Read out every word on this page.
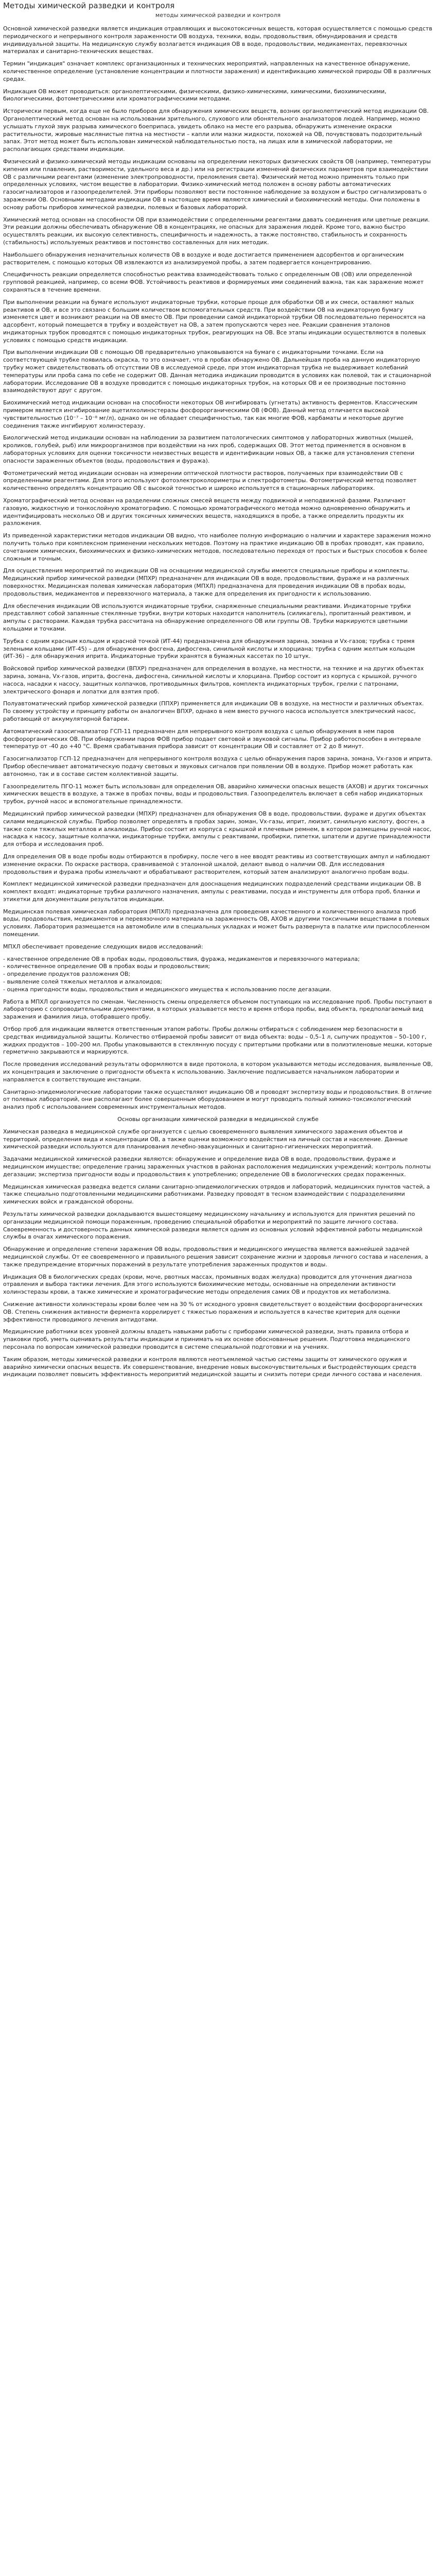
Методы химической разведки и контроля
методы химической разведки и контроля

Основной химической разведки является индикация отравляющих и высокотоксичных веществ, которая осуществляется с помощью средств периодического и непрерывного контроля зараженности ОВ воздуха, техники, воды, продовольствия, обмундирования и средств индивидуальной защиты. На медицинскую службу возлагается индикация ОВ в воде, продовольствии, медикаментах, перевязочных материалах и санитарно-технических веществах.

Термин "индикация" означает комплекс организационных и технических мероприятий, направленных на качественное обнаружение, количественное определение (установление концентрации и плотности заражения) и идентификацию химической природы ОВ в различных средах.

Индикация ОВ может проводиться: органолептическими, физическими, физико-химическими, химическими, биохимическими, биологическими, фотометрическими или хроматографическими методами.

Исторически первым, когда еще не было приборов для обнаружения химических веществ, возник органолептический метод индикации ОВ. Органолептический метод основан на использовании зрительного, слухового или обонятельного анализаторов людей. Например, можно услышать глухой звук разрыва химического боеприпаса, увидеть облако на месте его разрыва, обнаружить изменение окраски растительности, жировые маслянистые пятна на местности – капли или мазки жидкости, похожей на ОВ, почувствовать подозрительный запах. Этот метод может быть использован химической наблюдательностью поста, на лицах или в химической лаборатории, не располагающих средствами индикации.

Физический и физико-химический методы индикации основаны на определении некоторых физических свойств ОВ (например, температуры кипения или плавления, растворимости, удельного веса и др.) или на регистрации изменений физических параметров при взаимодействии ОВ с различными реагентами (изменение электропроводности, преломления света). Физический метод можно применять только при определенных условиях, чистом веществе в лаборатории. Физико-химический метод положен в основу работы автоматических газосигнализаторов и газоопределителей. Эти приборы позволяют вести постоянное наблюдение за воздухом и быстро сигнализировать о заражении ОВ. Основными методами индикации ОВ в настоящее время являются химический и биохимический методы. Они положены в основу работы приборов химической разведки, полевых и базовых лабораторий.

Химический метод основан на способности ОВ при взаимодействии с определенными реагентами давать соединения или цветные реакции. Эти реакции должны обеспечивать обнаружение ОВ в концентрациях, не опасных для заражения людей. Кроме того, важно быстро осуществлять реакции, их высокую селективность, специфичность и надежность, а также постоянство, стабильность и сохранность (стабильность) используемых реактивов и постоянство составленных для них методик.

Наибольшего обнаружения незначительных количеств ОВ в воздухе и воде достигается применением адсорбентов и органическим растворителем, с помощью которых ОВ извлекаются из анализируемой пробы, а затем подвергается концентрированию.

Специфичность реакции определяется способностью реактива взаимодействовать только с определенным ОВ (ОВ) или определенной групповой реакцией, например, со всеми ФОВ. Устойчивость реактивов и формируемых ими соединений важна, так как заражение может сохраняться в течение времени.

При выполнении реакции на бумаге используют индикаторные трубки, которые проще для обработки ОВ и их смеси, оставляют малых реактивов и ОВ, и все это связано с большим количеством вспомогательных средств. При воздействии ОВ на индикаторную бумагу изменяется цвет и возникают реакции на ОВ вместо ОВ. При проведении самой индикаторной трубки ОВ последовательно переносятся на адсорбент, который помещается в трубку и воздействует на ОВ, а затем пропускаются через нее. Реакции сравнения эталонов индикаторных трубок проводятся с помощью индикаторных трубок, реагирующих на ОВ. Все этапы индикации осуществляются в полевых условиях с помощью средств индикации.

При выполнении индикации ОВ с помощью ОВ предварительно упаковываются на бумаге с индикаторными точками. Если на соответствующей трубке появилась окраска, то это означает, что в пробах обнаружено ОВ. Дальнейшая проба на данную индикаторную трубку может свидетельствовать об отсутствии ОВ в исследуемой среде, при этом индикаторная трубка не выдерживает колебаний температуры или проба сама по себе не содержит ОВ. Данная методика индикации проводится в условиях как полевой, так и стационарной лаборатории. Исследование ОВ в воздухе проводится с помощью индикаторных трубок, на которых ОВ и ее производные постоянно взаимодействуют друг с другом.

Биохимический метод индикации основан на способности некоторых ОВ ингибировать (угнетать) активность ферментов. Классическим примером является ингибирование ацетилхолинэстеразы фосфорорганическими ОВ (ФОВ). Данный метод отличается высокой чувствительностью (10⁻⁷ – 10⁻⁸ мг/л), однако он не обладает специфичностью, так как многие ФОВ, карбаматы и некоторые другие соединения также ингибируют холинэстеразу.

Биологический метод индикации основан на наблюдении за развитием патологических симптомов у лабораторных животных (мышей, кроликов, голубей, рыб) или микроорганизмов при воздействии на них проб, содержащих ОВ. Этот метод применяется в основном в лабораторных условиях для оценки токсичности неизвестных веществ и идентификации новых ОВ, а также для установления степени опасности зараженных объектов (воды, продовольствия и фуража).

Фотометрический метод индикации основан на измерении оптической плотности растворов, получаемых при взаимодействии ОВ с определенными реагентами. Для этого используют фотоэлектроколориметры и спектрофотометры. Фотометрический метод позволяет количественно определять концентрацию ОВ с высокой точностью и широко используется в стационарных лабораториях.

Хроматографический метод основан на разделении сложных смесей веществ между подвижной и неподвижной фазами. Различают газовую, жидкостную и тонкослойную хроматографию. С помощью хроматографического метода можно одновременно обнаружить и идентифицировать несколько ОВ и других токсичных химических веществ, находящихся в пробе, а также определить продукты их разложения.

Из приведенной характеристики методов индикации ОВ видно, что наиболее полную информацию о наличии и характере заражения можно получить только при комплексном применении нескольких методов. Поэтому на практике индикацию ОВ в пробах проводят, как правило, сочетанием химических, биохимических и физико-химических методов, последовательно переходя от простых и быстрых способов к более сложным и точным.

Для осуществления мероприятий по индикации ОВ на оснащении медицинской службы имеются специальные приборы и комплекты. Медицинский прибор химической разведки (МПХР) предназначен для индикации ОВ в воде, продовольствии, фураже и на различных поверхностях. Медицинская полевая химическая лаборатория (МПХЛ) предназначена для проведения индикации ОВ в пробах воды, продовольствия, медикаментов и перевязочного материала, а также для определения их пригодности к использованию.

Для обеспечения индикации ОВ используются индикаторные трубки, снаряженные специальными реактивами. Индикаторные трубки представляют собой запаянные стеклянные трубки, внутри которых находится наполнитель (силикагель), пропитанный реактивом, и ампулы с растворами. Каждая трубка рассчитана на обнаружение определенного ОВ или группы ОВ. Трубки маркируются цветными кольцами и точками.

Трубка с одним красным кольцом и красной точкой (ИТ-44) предназначена для обнаружения зарина, зомана и Vx-газов; трубка с тремя зелеными кольцами (ИТ-45) – для обнаружения фосгена, дифосгена, синильной кислоты и хлорциана; трубка с одним желтым кольцом (ИТ-36) – для обнаружения иприта. Индикаторные трубки хранятся в бумажных кассетах по 10 штук.

Войсковой прибор химической разведки (ВПХР) предназначен для определения в воздухе, на местности, на технике и на других объектах зарина, зомана, Vx-газов, иприта, фосгена, дифосгена, синильной кислоты и хлорциана. Прибор состоит из корпуса с крышкой, ручного насоса, насадки к насосу, защитных колпачков, противодымных фильтров, комплекта индикаторных трубок, грелки с патронами, электрического фонаря и лопатки для взятия проб.

Полуавтоматический прибор химической разведки (ППХР) применяется для индикации ОВ в воздухе, на местности и различных объектах. По своему устройству и принципу работы он аналогичен ВПХР, однако в нем вместо ручного насоса используется электрический насос, работающий от аккумуляторной батареи.

Автоматический газосигнализатор ГСП-11 предназначен для непрерывного контроля воздуха с целью обнаружения в нем паров фосфорорганических ОВ. При обнаружении паров ФОВ прибор подает световой и звуковой сигналы. Прибор работоспособен в интервале температур от -40 до +40 °С. Время срабатывания прибора зависит от концентрации ОВ и составляет от 2 до 8 минут.

Газосигнализатор ГСП-12 предназначен для непрерывного контроля воздуха с целью обнаружения паров зарина, зомана, Vx-газов и иприта. Прибор обеспечивает автоматическую подачу световых и звуковых сигналов при появлении ОВ в воздухе. Прибор может работать как автономно, так и в составе систем коллективной защиты.

Газоопределитель ПГО-11 может быть использован для определения ОВ, аварийно химически опасных веществ (АХОВ) и других токсичных химических веществ в воздухе, а также в пробах почвы, воды и продовольствия. Газоопределитель включает в себя набор индикаторных трубок, ручной насос и вспомогательные принадлежности.

Медицинский прибор химической разведки (МПХР) предназначен для обнаружения ОВ в воде, продовольствии, фураже и других объектах силами медицинской службы. Прибор позволяет определять в пробах зарин, зоман, Vx-газы, иприт, люизит, синильную кислоту, фосген, а также соли тяжелых металлов и алкалоиды. Прибор состоит из корпуса с крышкой и плечевым ремнем, в котором размещены ручной насос, насадка к насосу, защитные колпачки, индикаторные трубки, ампулы с реактивами, пробирки, пипетки, шпатели и другие принадлежности для отбора и исследования проб.

Для определения ОВ в воде пробы воды отбираются в пробирку, после чего в нее вводят реактивы из соответствующих ампул и наблюдают изменение окраски. По окраске раствора, сравниваемой с эталонной шкалой, делают вывод о наличии ОВ. Для исследования продовольствия и фуража пробы измельчают и обрабатывают растворителем, который затем анализируют аналогично пробам воды.

Комплект медицинской химической разведки предназначен для дооснащения медицинских подразделений средствами индикации ОВ. В комплект входят: индикаторные трубки различного назначения, ампулы с реактивами, посуда и инструменты для отбора проб, бланки и этикетки для документации результатов индикации.

Медицинская полевая химическая лаборатория (МПХЛ) предназначена для проведения качественного и количественного анализа проб воды, продовольствия, медикаментов и перевязочного материала на зараженность ОВ, АХОВ и другими токсичными веществами в полевых условиях. Лаборатория размещается на автомобиле или в специальных укладках и может быть развернута в палатке или приспособленном помещении.

МПХЛ обеспечивает проведение следующих видов исследований:

- качественное определение ОВ в пробах воды, продовольствия, фуража, медикаментов и перевязочного материала;
- количественное определение ОВ в пробах воды и продовольствия;
- определение продуктов разложения ОВ;
- выявление солей тяжелых металлов и алкалоидов;
- оценка пригодности воды, продовольствия и медицинского имущества к использованию после дегазации.

Работа в МПХЛ организуется по сменам. Численность смены определяется объемом поступающих на исследование проб. Пробы поступают в лабораторию с сопроводительными документами, в которых указывается место и время отбора пробы, вид объекта, предполагаемый вид заражения и фамилия лица, отобравшего пробу.

Отбор проб для индикации является ответственным этапом работы. Пробы должны отбираться с соблюдением мер безопасности в средствах индивидуальной защиты. Количество отбираемой пробы зависит от вида объекта: воды – 0,5–1 л, сыпучих продуктов – 50–100 г, жидких продуктов – 100–200 мл. Пробы упаковываются в стеклянную посуду с притертыми пробками или в полиэтиленовые мешки, которые герметично закрываются и маркируются.

После проведения исследований результаты оформляются в виде протокола, в котором указываются методы исследования, выявленные ОВ, их концентрация и заключение о пригодности объекта к использованию. Заключение подписывается начальником лаборатории и направляется в соответствующие инстанции.

Санитарно-эпидемиологические лаборатории также осуществляют индикацию ОВ и проводят экспертизу воды и продовольствия. В отличие от полевых лабораторий, они располагают более совершенным оборудованием и могут проводить полный химико-токсикологический анализ проб с использованием современных инструментальных методов.

Основы организации химической разведки в медицинской службе

Химическая разведка в медицинской службе организуется с целью своевременного выявления химического заражения объектов и территорий, определения вида и концентрации ОВ, а также оценки возможного воздействия на личный состав и население. Данные химической разведки используются для планирования лечебно-эвакуационных и санитарно-гигиенических мероприятий.

Задачами медицинской химической разведки являются: обнаружение и определение вида ОВ в воде, продовольствии, фураже и медицинском имуществе; определение границ зараженных участков в районах расположения медицинских учреждений; контроль полноты дегазации; экспертиза пригодности воды и продовольствия к употреблению; определение ОВ в биологических средах пораженных.

Медицинская химическая разведка ведется силами санитарно-эпидемиологических отрядов и лабораторий, медицинских пунктов частей, а также специально подготовленными медицинскими работниками. Разведку проводят в тесном взаимодействии с подразделениями химических войск и гражданской обороны.

Результаты химической разведки докладываются вышестоящему медицинскому начальнику и используются для принятия решений по организации медицинской помощи пораженным, проведению специальной обработки и мероприятий по защите личного состава. Своевременность и достоверность данных химической разведки является одним из основных условий эффективной работы медицинской службы в очагах химического поражения.

Обнаружение и определение степени заражения ОВ воды, продовольствия и медицинского имущества является важнейшей задачей медицинской службы. От ее своевременного и правильного решения зависит сохранение жизни и здоровья личного состава и населения, а также предупреждение вторичных поражений в результате употребления зараженных продуктов и воды.

Индикация ОВ в биологических средах (крови, моче, рвотных массах, промывных водах желудка) проводится для уточнения диагноза отравления и выбора тактики лечения. Для этого используются биохимические методы, основанные на определении активности холинэстеразы крови, а также химические и хроматографические методы определения самих ОВ и продуктов их метаболизма.

Снижение активности холинэстеразы крови более чем на 30 % от исходного уровня свидетельствует о воздействии фосфорорганических ОВ. Степень снижения активности фермента коррелирует с тяжестью поражения и используется в качестве критерия для оценки эффективности проводимого лечения антидотами.

Медицинские работники всех уровней должны владеть навыками работы с приборами химической разведки, знать правила отбора и упаковки проб, уметь оценивать результаты индикации и принимать на их основе обоснованные решения. Подготовка медицинского персонала по вопросам химической разведки проводится в системе специальной подготовки и на учениях.

Таким образом, методы химической разведки и контроля являются неотъемлемой частью системы защиты от химического оружия и аварийно химически опасных веществ. Их совершенствование, внедрение новых высокочувствительных и быстродействующих средств индикации позволяет повысить эффективность мероприятий медицинской защиты и снизить потери среди личного состава и населения.
